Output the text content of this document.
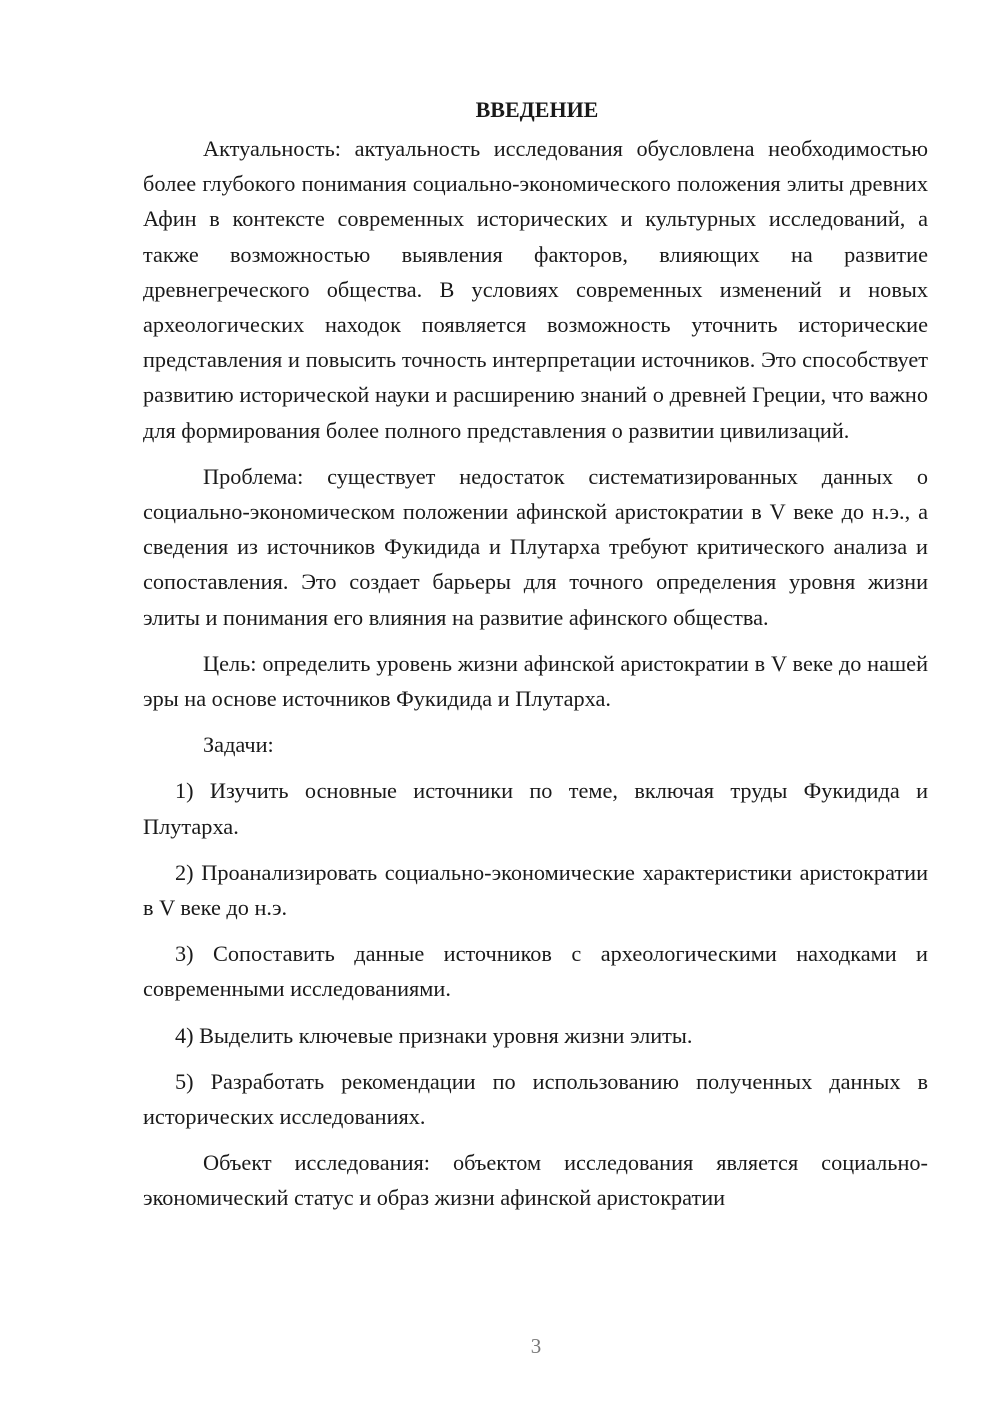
ВВЕДЕНИЕ

Актуальность: актуальность исследования обусловлена необходимостью более глубокого понимания социально-экономического положения элиты древних Афин в контексте современных исторических и культурных исследований, а также возможностью выявления факторов, влияющих на развитие древнегреческого общества. В условиях современных изменений и новых археологических находок появляется возможность уточнить исторические представления и повысить точность интерпретации источников. Это способствует развитию исторической науки и расширению знаний о древней Греции, что важно для формирования более полного представления о развитии цивилизаций.

Проблема: существует недостаток систематизированных данных о социально-экономическом положении афинской аристократии в V веке до н.э., а сведения из источников Фукидида и Плутарха требуют критического анализа и сопоставления. Это создает барьеры для точного определения уровня жизни элиты и понимания его влияния на развитие афинского общества.

Цель: определить уровень жизни афинской аристократии в V веке до нашей эры на основе источников Фукидида и Плутарха.

Задачи:

1) Изучить основные источники по теме, включая труды Фукидида и Плутарха.

2) Проанализировать социально-экономические характеристики аристократии в V веке до н.э.

3) Сопоставить данные источников с археологическими находками и современными исследованиями.

4) Выделить ключевые признаки уровня жизни элиты.

5) Разработать рекомендации по использованию полученных данных в исторических исследованиях.

Объект исследования: объектом исследования является социально-экономический статус и образ жизни афинской аристократии

3
